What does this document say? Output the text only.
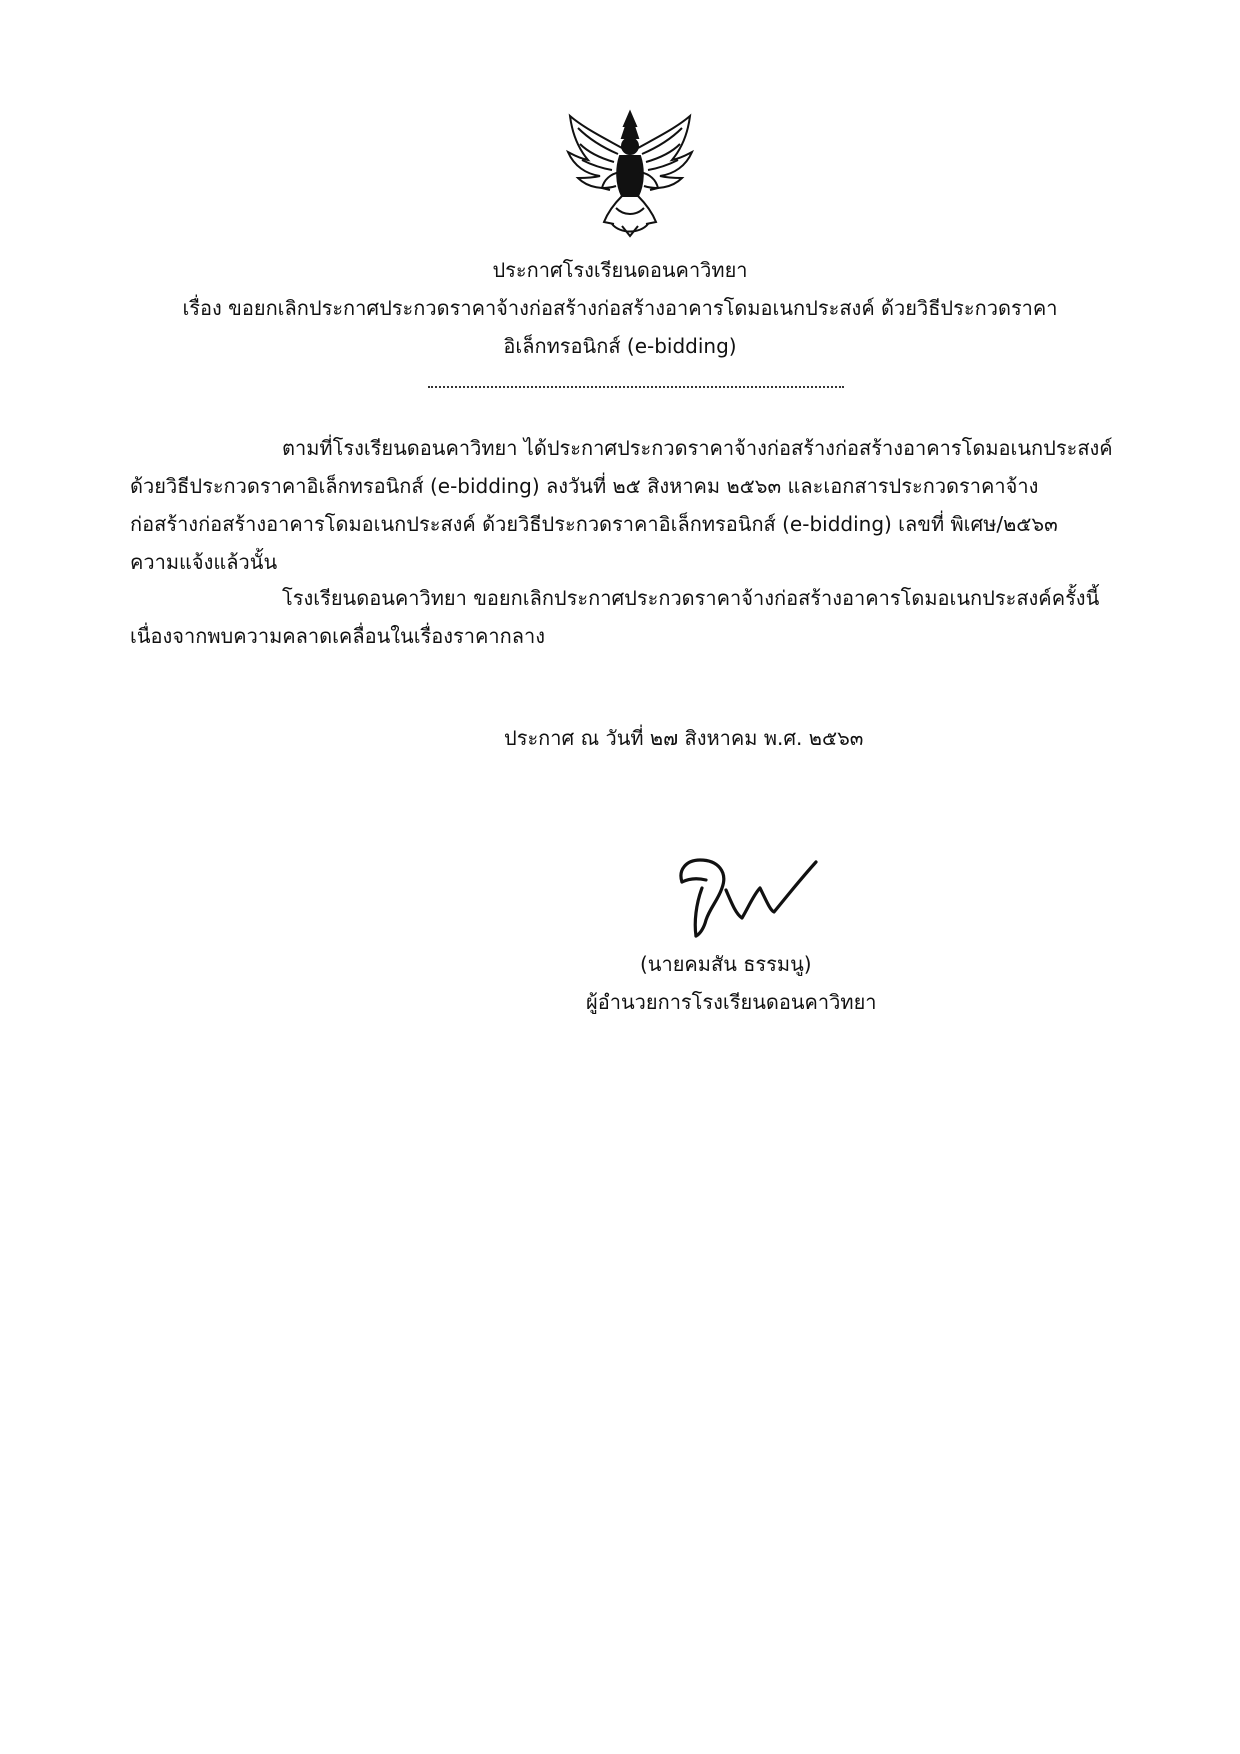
ประกาศโรงเรียนดอนคาวิทยา
เรื่อง ขอยกเลิกประกาศประกวดราคาจ้างก่อสร้างก่อสร้างอาคารโดมอเนกประสงค์ ด้วยวิธีประกวดราคา
อิเล็กทรอนิกส์ (e-bidding)
ตามที่โรงเรียนดอนคาวิทยา ได้ประกาศประกวดราคาจ้างก่อสร้างก่อสร้างอาคารโดมอเนกประสงค์
ด้วยวิธีประกวดราคาอิเล็กทรอนิกส์ (e-bidding) ลงวันที่ ๒๕ สิงหาคม ๒๕๖๓ และเอกสารประกวดราคาจ้าง
ก่อสร้างก่อสร้างอาคารโดมอเนกประสงค์ ด้วยวิธีประกวดราคาอิเล็กทรอนิกส์ (e-bidding) เลขที่ พิเศษ/๒๕๖๓
ความแจ้งแล้วนั้น
โรงเรียนดอนคาวิทยา ขอยกเลิกประกาศประกวดราคาจ้างก่อสร้างอาคารโดมอเนกประสงค์ครั้งนี้
เนื่องจากพบความคลาดเคลื่อนในเรื่องราคากลาง
ประกาศ ณ วันที่ ๒๗ สิงหาคม พ.ศ. ๒๕๖๓
(นายคมสัน ธรรมนู)
ผู้อำนวยการโรงเรียนดอนคาวิทยา
